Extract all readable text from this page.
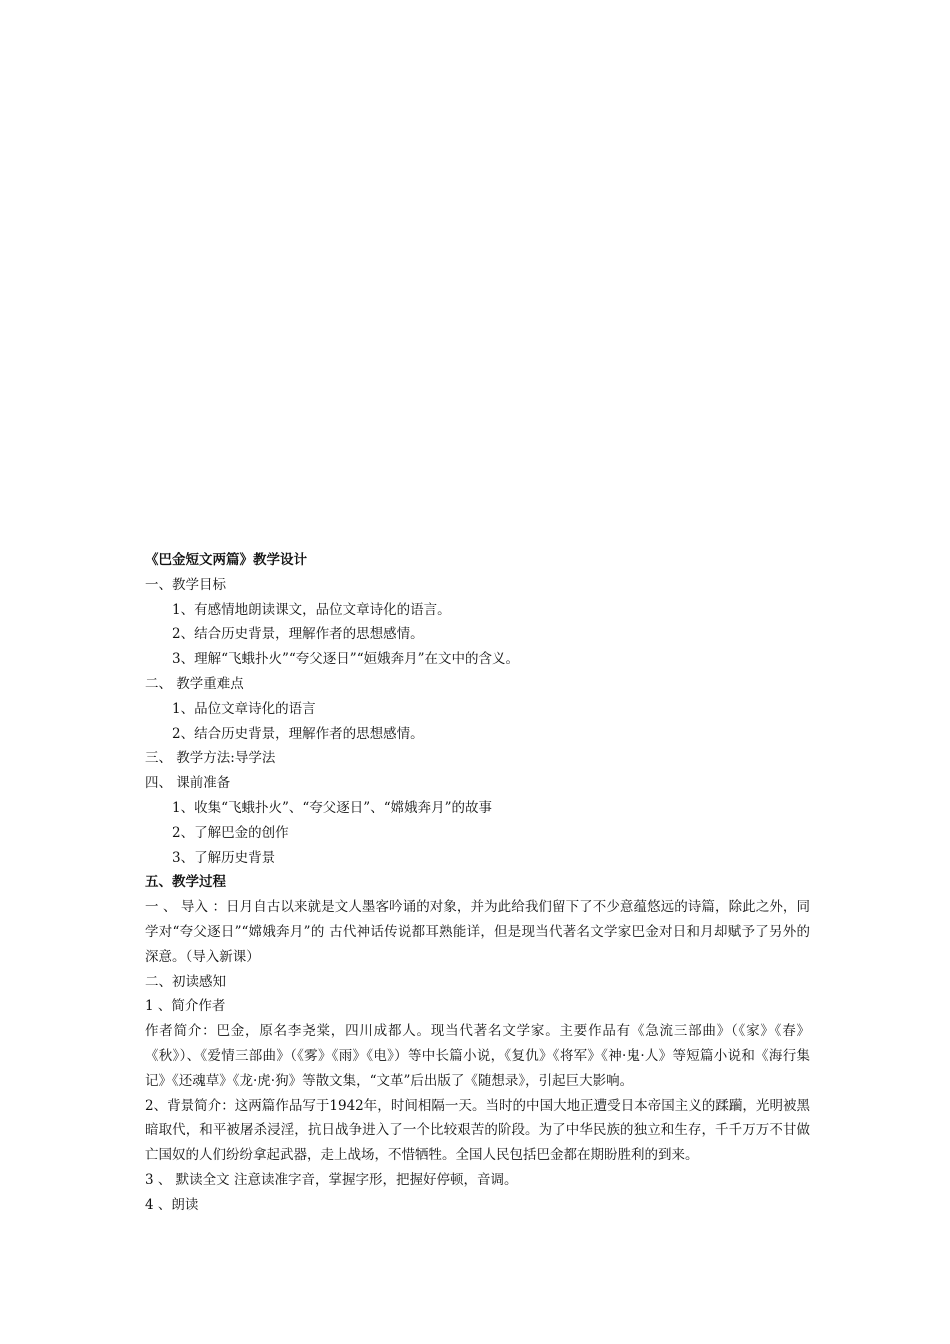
《巴金短文两篇》教学设计

一、教学目标

1、有感情地朗读课文，品位文章诗化的语言。

2、结合历史背景，理解作者的思想感情。

3、理解“飞蛾扑火”“夸父逐日”“姮娥奔月”在文中的含义。

二、 教学重难点

1、品位文章诗化的语言

2、结合历史背景，理解作者的思想感情。

三、 教学方法:导学法

四、 课前准备

1、收集“飞蛾扑火”、“夸父逐日”、“嫦娥奔月”的故事

2、了解巴金的创作

3、了解历史背景

五、教学过程

一 、 导入 ：日月自古以来就是文人墨客吟诵的对象，并为此给我们留下了不少意蕴悠远的诗篇，除此之外，同学对“夸父逐日”“嫦娥奔月”的 古代神话传说都耳熟能详，但是现当代著名文学家巴金对日和月却赋予了另外的深意。（导入新课）

二、初读感知

1 、简介作者

作者简介：巴金，原名李尧棠，四川成都人。现当代著名文学家。主要作品有《急流三部曲》（《家》《春》《秋》）、《爱情三部曲》（《雾》《雨》《电》）等中长篇小说，《复仇》《将军》《神·鬼·人》等短篇小说和《海行集记》《还魂草》《龙·虎·狗》等散文集，“文革”后出版了《随想录》，引起巨大影响。

2、背景简介：这两篇作品写于1942年，时间相隔一天。当时的中国大地正遭受日本帝国主义的蹂躏，光明被黑暗取代，和平被屠杀浸淫，抗日战争进入了一个比较艰苦的阶段。为了中华民族的独立和生存，千千万万不甘做亡国奴的人们纷纷拿起武器，走上战场，不惜牺牲。全国人民包括巴金都在期盼胜利的到来。

3 、 默读全文 注意读准字音，掌握字形，把握好停顿，音调。

4 、朗读
